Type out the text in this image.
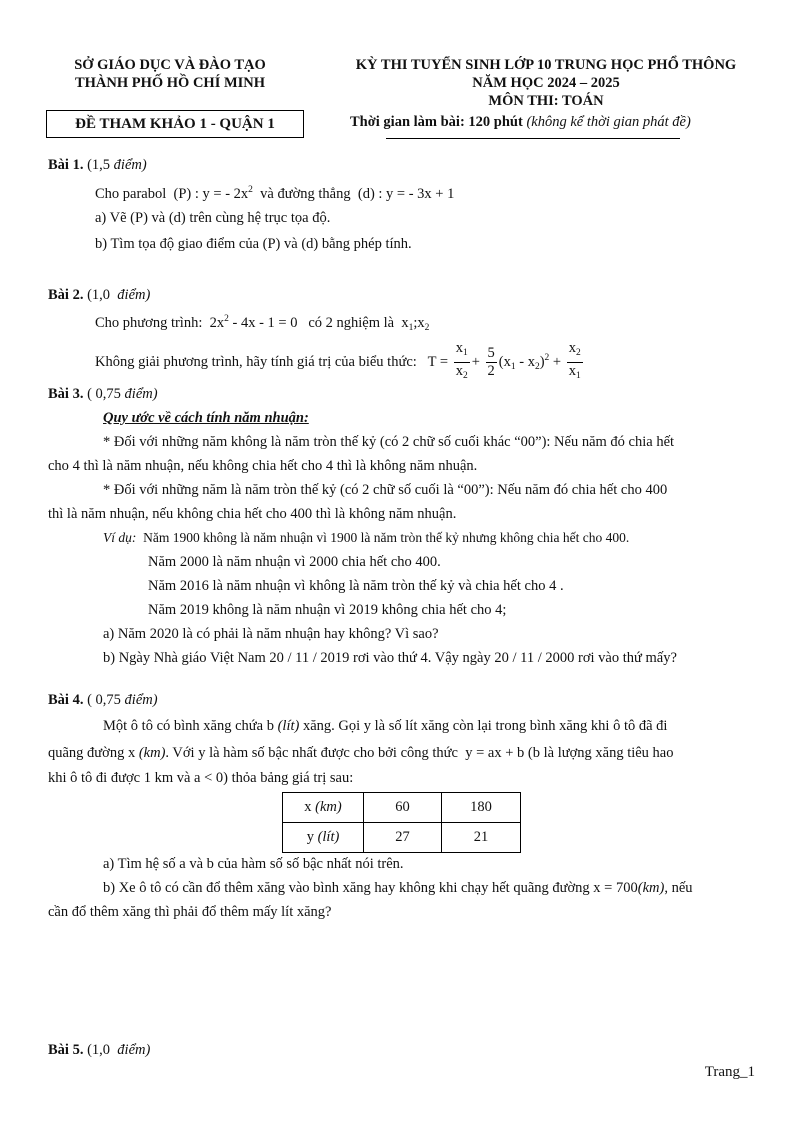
SỞ GIÁO DỤC VÀ ĐÀO TẠO
THÀNH PHỐ HỒ CHÍ MINH
KỲ THI TUYỂN SINH LỚP 10 TRUNG HỌC PHỔ THÔNG
NĂM HỌC 2024 – 2025
MÔN THI: TOÁN
ĐỀ THAM KHẢO 1 - QUẬN 1	Thời gian làm bài: 120 phút (không kể thời gian phát đề)
Bài 1. (1,5 điểm)
Cho parabol (P) : y = - $2x^2$ và đường thẳng (d) : y = - 3x + 1
a) Vẽ (P) và (d) trên cùng hệ trục tọa độ.
b) Tìm tọa độ giao điểm của (P) và (d) bằng phép tính.
Bài 2. (1,0 điểm)
Cho phương trình: $2x^2 - 4x - 1 = 0$ có 2 nghiệm là $x_1;x_2$
Không giải phương trình, hãy tính giá trị của biểu thức: $T = \frac{x_1}{x_2} + \frac{5}{2} (x_1 - x_2)^2 + \frac{x_2}{x_1}$
Bài 3. ( 0,75 điểm)
Quy ước về cách tính năm nhuận:
* Đối với những năm không là năm tròn thế kỷ (có 2 chữ số cuối khác “00”): Nếu năm đó chia hết
cho 4 thì là năm nhuận, nếu không chia hết cho 4 thì là không năm nhuận.
* Đối với những năm là năm tròn thế kỷ (có 2 chữ số cuối là “00”): Nếu năm đó chia hết cho 400
thì là năm nhuận, nếu không chia hết cho 400 thì là không năm nhuận.
Ví dụ: Năm 1900 không là năm nhuận vì 1900 là năm tròn thế kỷ nhưng không chia hết cho 400.
Năm 2000 là năm nhuận vì 2000 chia hết cho 400.
Năm 2016 là năm nhuận vì không là năm tròn thế kỷ và chia hết cho 4 .
Năm 2019 không là năm nhuận vì 2019 không chia hết cho 4;
a) Năm 2020 là có phải là năm nhuận hay không? Vì sao?
b) Ngày Nhà giáo Việt Nam 20 / 11 / 2019 rơi vào thứ 4. Vậy ngày 20 / 11 / 2000 rơi vào thứ mấy?
Bài 4. ( 0,75 điểm)
Một ô tô có bình xăng chứa b (lít) xăng. Gọi y là số lít xăng còn lại trong bình xăng khi ô tô đã đi
quãng đường x (km). Với y là hàm số bậc nhất được cho bởi công thức y = ax + b (b là lượng xăng tiêu hao
khi ô tô đi được 1 km và a < 0) thỏa bảng giá trị sau:
x (km)	60	180
y (lít)	27	21
a) Tìm hệ số a và b của hàm số số bậc nhất nói trên.
b) Xe ô tô có cần đổ thêm xăng vào bình xăng hay không khi chạy hết quãng đường x = 700(km), nếu
cần đổ thêm xăng thì phải đổ thêm mấy lít xăng?
Bài 5. (1,0 điểm)
Trang_1
